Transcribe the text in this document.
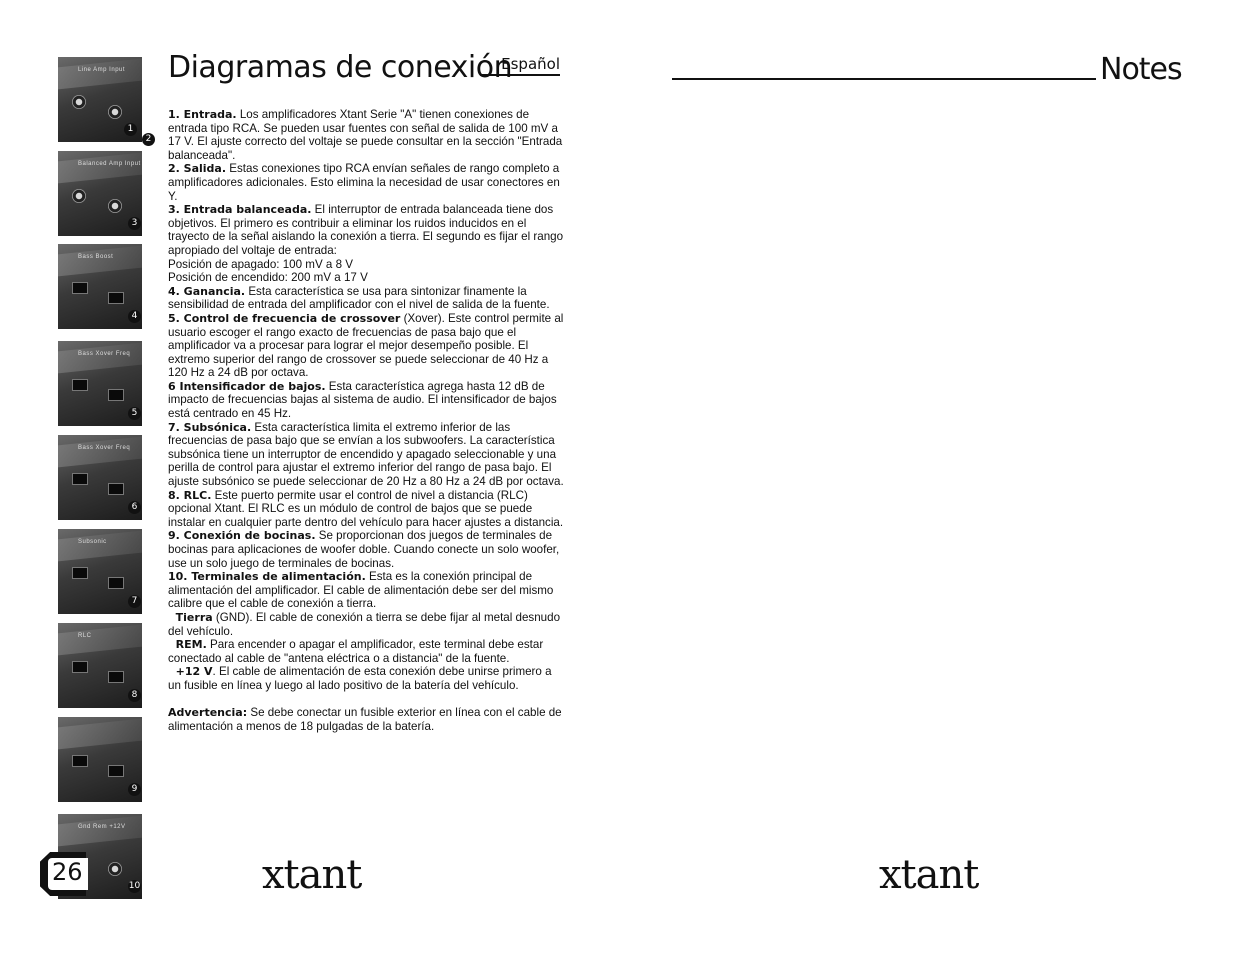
Line Amp Input
1
2
Balanced Amp Input
3
Bass Boost
4
Bass Xover Freq
5
Bass Xover Freq
6
Subsonic
7
RLC
8
9
Gnd Rem +12V
10
Diagramas de conexión
Español

1. Entrada. Los amplificadores Xtant Serie "A" tienen conexiones de entrada tipo RCA. Se pueden usar fuentes con señal de salida de 100 mV a 17 V. El ajuste correcto del voltaje se puede consultar en la sección "Entrada balanceada".

2. Salida. Estas conexiones tipo RCA envían señales de rango completo a amplificadores adicionales. Esto elimina la necesidad de usar conectores en Y.

3. Entrada balanceada. El interruptor de entrada balanceada tiene dos objetivos. El primero es contribuir a eliminar los ruidos inducidos en el trayecto de la señal aislando la conexión a tierra. El segundo es fijar el rango apropiado del voltaje de entrada:

Posición de apagado: 100 mV a 8 V

Posición de encendido: 200 mV a 17 V

4. Ganancia. Esta característica se usa para sintonizar finamente la sensibilidad de entrada del amplificador con el nivel de salida de la fuente.

5. Control de frecuencia de crossover (Xover). Este control permite al usuario escoger el rango exacto de frecuencias de pasa bajo que el amplificador va a procesar para lograr el mejor desempeño posible. El extremo superior del rango de crossover se puede seleccionar de 40 Hz a 120 Hz a 24 dB por octava.

6 Intensificador de bajos. Esta característica agrega hasta 12 dB de impacto de frecuencias bajas al sistema de audio. El intensificador de bajos está centrado en 45 Hz.

7. Subsónica. Esta característica limita el extremo inferior de las frecuencias de pasa bajo que se envían a los subwoofers. La característica subsónica tiene un interruptor de encendido y apagado seleccionable y una perilla de control para ajustar el extremo inferior del rango de pasa bajo. El ajuste subsónico se puede seleccionar de 20 Hz a 80 Hz a 24 dB por octava.

8. RLC. Este puerto permite usar el control de nivel a distancia (RLC) opcional Xtant. El RLC es un módulo de control de bajos que se puede instalar en cualquier parte dentro del vehículo para hacer ajustes a distancia.

9. Conexión de bocinas. Se proporcionan dos juegos de terminales de bocinas para aplicaciones de woofer doble. Cuando conecte un solo woofer, use un solo juego de terminales de bocinas.

10. Terminales de alimentación. Esta es la conexión principal de alimentación del amplificador. El cable de alimentación debe ser del mismo calibre que el cable de conexión a tierra.

Tierra (GND). El cable de conexión a tierra se debe fijar al metal desnudo del vehículo.

REM. Para encender o apagar el amplificador, este terminal debe estar conectado al cable de "antena eléctrica o a distancia" de la fuente.

+12 V. El cable de alimentación de esta conexión debe unirse primero a un fusible en línea y luego al lado positivo de la batería del vehículo.

Advertencia: Se debe conectar un fusible exterior en línea con el cable de alimentación a menos de 18 pulgadas de la batería.

26	xtant
Notes
xtant
